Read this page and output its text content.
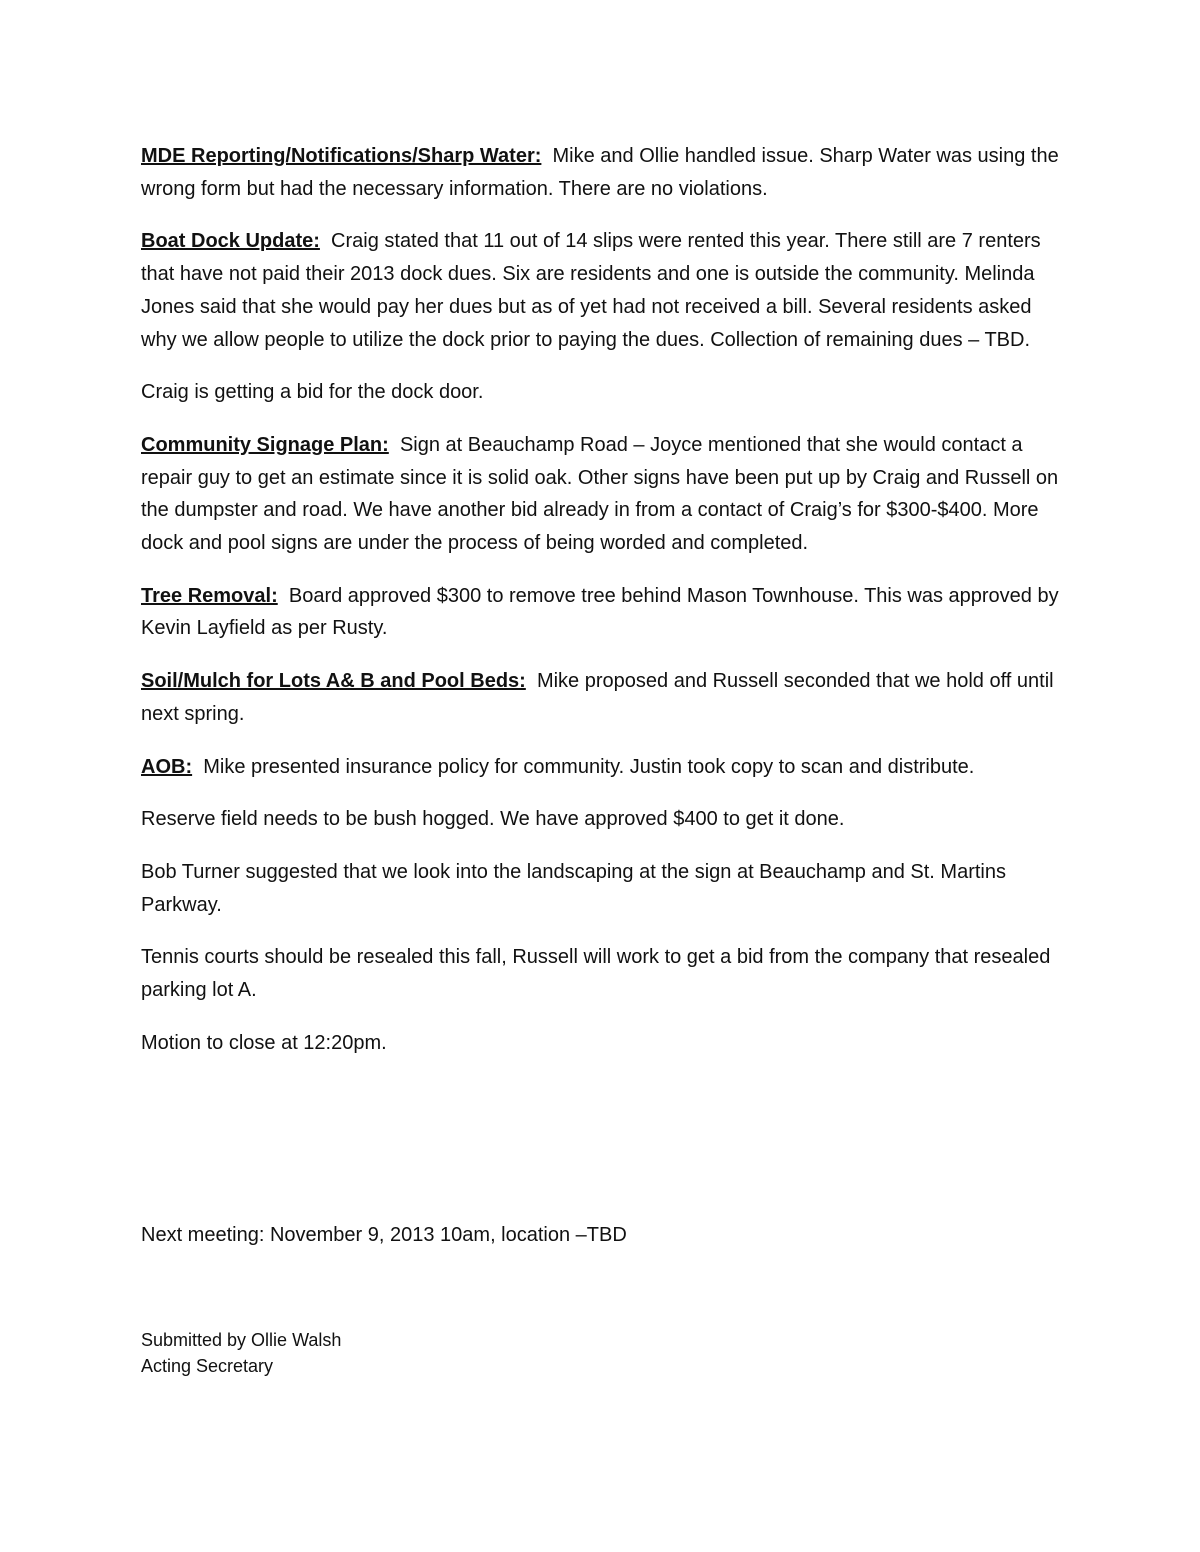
MDE Reporting/Notifications/Sharp Water: Mike and Ollie handled issue. Sharp Water was using the wrong form but had the necessary information. There are no violations.

Boat Dock Update: Craig stated that 11 out of 14 slips were rented this year. There still are 7 renters that have not paid their 2013 dock dues. Six are residents and one is outside the community. Melinda Jones said that she would pay her dues but as of yet had not received a bill. Several residents asked why we allow people to utilize the dock prior to paying the dues. Collection of remaining dues – TBD.

Craig is getting a bid for the dock door.

Community Signage Plan: Sign at Beauchamp Road – Joyce mentioned that she would contact a repair guy to get an estimate since it is solid oak. Other signs have been put up by Craig and Russell on the dumpster and road. We have another bid already in from a contact of Craig’s for $300-$400. More dock and pool signs are under the process of being worded and completed.

Tree Removal: Board approved $300 to remove tree behind Mason Townhouse. This was approved by Kevin Layfield as per Rusty.

Soil/Mulch for Lots A& B and Pool Beds: Mike proposed and Russell seconded that we hold off until next spring.

AOB: Mike presented insurance policy for community. Justin took copy to scan and distribute.

Reserve field needs to be bush hogged. We have approved $400 to get it done.

Bob Turner suggested that we look into the landscaping at the sign at Beauchamp and St. Martins Parkway.

Tennis courts should be resealed this fall, Russell will work to get a bid from the company that resealed parking lot A.

Motion to close at 12:20pm.

Next meeting: November 9, 2013 10am, location –TBD

Submitted by Ollie Walsh
Acting Secretary
